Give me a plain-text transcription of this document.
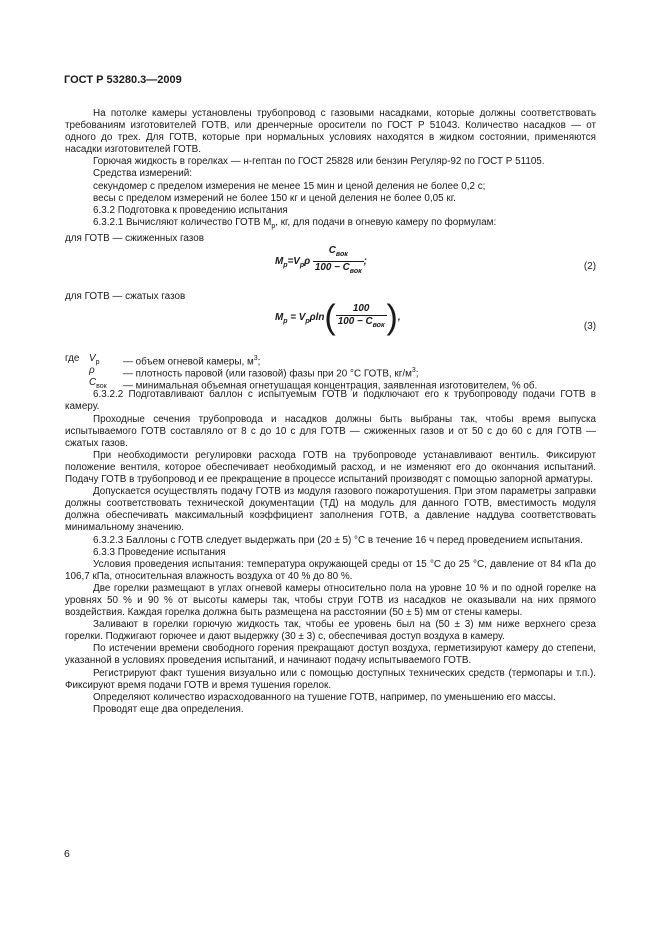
ГОСТ Р 53280.3—2009

На потолке камеры установлены трубопровод с газовыми насадками, которые должны соответствовать требованиям изготовителей ГОТВ, или дренчерные оросители по ГОСТ Р 51043. Количество насадков — от одного до трех. Для ГОТВ, которые при нормальных условиях находятся в жидком состоянии, применяются насадки изготовителей ГОТВ.

Горючая жидкость в горелках — н-гептан по ГОСТ 25828 или бензин Регуляр-92 по ГОСТ Р 51105.

Средства измерений:

секундомер с пределом измерения не менее 15 мин и ценой деления не более 0,2 с;

весы с пределом измерений не более 150 кг и ценой деления не более 0,05 кг.

6.3.2 Подготовка к проведению испытания

6.3.2.1 Вычисляют количество ГОТВ $M_p$, кг, для подачи в огневую камеру по формулам:

для ГОТВ — сжиженных газов

$M_p=V_p\rho \frac{C_{вок}}{100 - C_{вок}}$ ;	(2)

для ГОТВ — сжатых газов

$M_p = V_p\rho\ln( \frac{100}{100 - C_{вок}}$ ),
(3)
где $V_p$ — объем огневой камеры, $м^3$;
ρ	— плотность паровой (или газовой) фазы при 20 °С ГОТВ, $кг/м^3$;
$C_{вок}$ — минимальная объемная огнетушащая концентрация, заявленная изготовителем, % об.

6.3.2.2 Подготавливают баллон с испытуемым ГОТВ и подключают его к трубопроводу подачи ГОТВ в камеру.

Проходные сечения трубопровода и насадков должны быть выбраны так, чтобы время выпуска испытываемого ГОТВ составляло от 8 с до 10 с для ГОТВ — сжиженных газов и от 50 с до 60 с для ГОТВ — сжатых газов.

При необходимости регулировки расхода ГОТВ на трубопроводе устанавливают вентиль. Фиксируют положение вентиля, которое обеспечивает необходимый расход, и не изменяют его до окончания испытаний. Подачу ГОТВ в трубопровод и ее прекращение в процессе испытаний производят с помощью запорной арматуры.

Допускается осуществлять подачу ГОТВ из модуля газового пожаротушения. При этом параметры заправки должны соответствовать технической документации (ТД) на модуль для данного ГОТВ, вместимость модуля должна обеспечивать максимальный коэффициент заполнения ГОТВ, а давление наддува соответствовать минимальному значению.

6.3.2.3 Баллоны с ГОТВ следует выдержать при (20 ± 5) °С в течение 16 ч перед проведением испытания.

6.3.3 Проведение испытания

Условия проведения испытания: температура окружающей среды от 15 °С до 25 °С, давление от 84 кПа до 106,7 кПа, относительная влажность воздуха от 40 % до 80 %.

Две горелки размещают в углах огневой камеры относительно пола на уровне 10 % и по одной горелке на уровнях 50 % и 90 % от высоты камеры так, чтобы струи ГОТВ из насадков не оказывали на них прямого воздействия. Каждая горелка должна быть размещена на расстоянии (50 ± 5) мм от стены камеры.

Заливают в горелки горючую жидкость так, чтобы ее уровень был на (50 ± 3) мм ниже верхнего среза горелки. Поджигают горючее и дают выдержку (30 ± 3) с, обеспечивая доступ воздуха в камеру.

По истечении времени свободного горения прекращают доступ воздуха, герметизируют камеру до степени, указанной в условиях проведения испытаний, и начинают подачу испытываемого ГОТВ.

Регистрируют факт тушения визуально или с помощью доступных технических средств (термопары и т.п.). Фиксируют время подачи ГОТВ и время тушения горелок.

Определяют количество израсходованного на тушение ГОТВ, например, по уменьшению его массы.

Проводят еще два определения.

6
